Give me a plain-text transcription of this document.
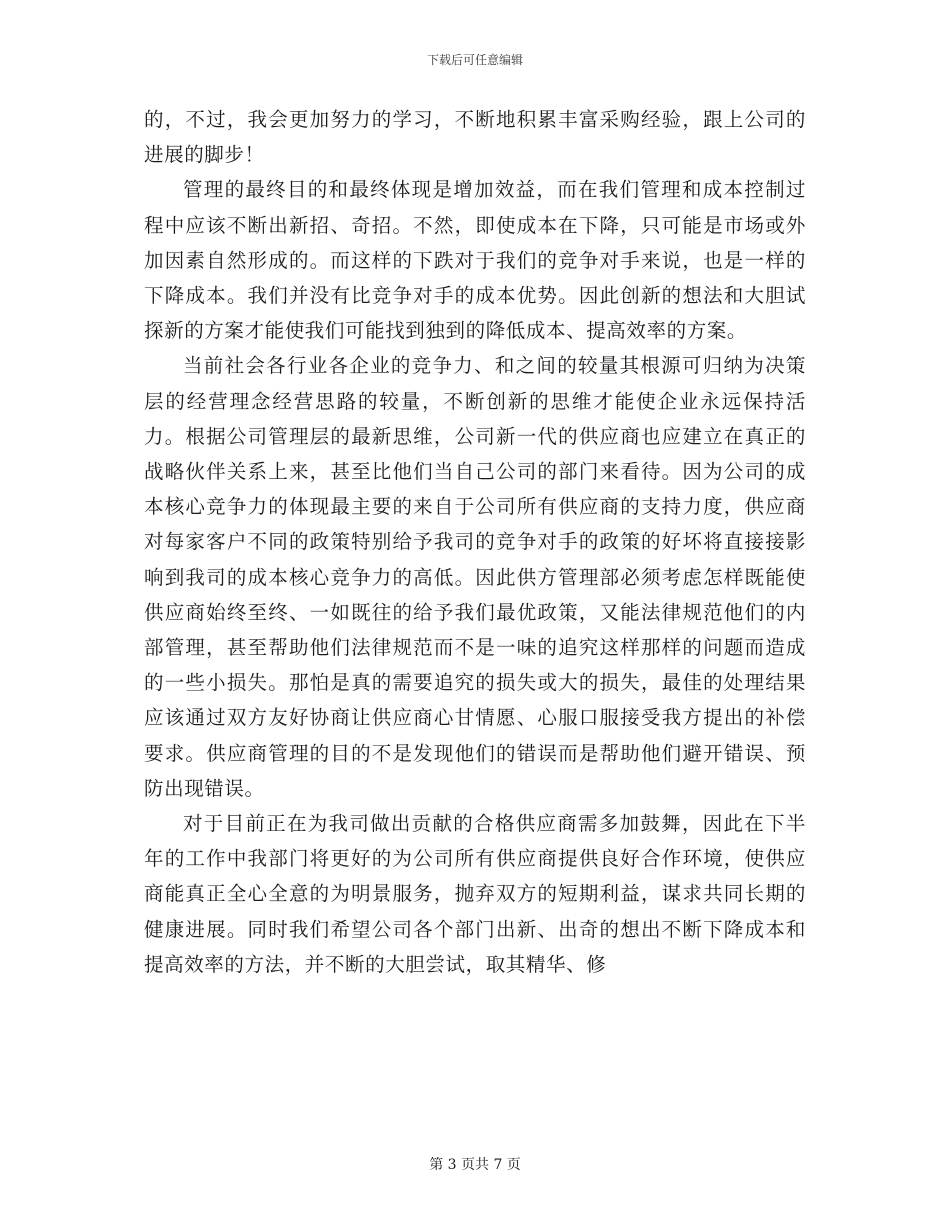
下载后可任意编辑

的，不过，我会更加努力的学习，不断地积累丰富采购经验，跟上公司的进展的脚步！

管理的最终目的和最终体现是增加效益，而在我们管理和成本控制过程中应该不断出新招、奇招。不然，即使成本在下降，只可能是市场或外加因素自然形成的。而这样的下跌对于我们的竞争对手来说，也是一样的下降成本。我们并没有比竞争对手的成本优势。因此创新的想法和大胆试探新的方案才能使我们可能找到独到的降低成本、提高效率的方案。

当前社会各行业各企业的竞争力、和之间的较量其根源可归纳为决策层的经营理念经营思路的较量，不断创新的思维才能使企业永远保持活力。根据公司管理层的最新思维，公司新一代的供应商也应建立在真正的战略伙伴关系上来，甚至比他们当自己公司的部门来看待。因为公司的成本核心竞争力的体现最主要的来自于公司所有供应商的支持力度，供应商对每家客户不同的政策特别给予我司的竞争对手的政策的好坏将直接接影响到我司的成本核心竞争力的高低。因此供方管理部必须考虑怎样既能使供应商始终至终、一如既往的给予我们最优政策，又能法律规范他们的内部管理，甚至帮助他们法律规范而不是一味的追究这样那样的问题而造成的一些小损失。那怕是真的需要追究的损失或大的损失，最佳的处理结果应该通过双方友好协商让供应商心甘情愿、心服口服接受我方提出的补偿要求。供应商管理的目的不是发现他们的错误而是帮助他们避开错误、预防出现错误。

对于目前正在为我司做出贡献的合格供应商需多加鼓舞，因此在下半年的工作中我部门将更好的为公司所有供应商提供良好合作环境，使供应商能真正全心全意的为明景服务，抛弃双方的短期利益，谋求共同长期的健康进展。同时我们希望公司各个部门出新、出奇的想出不断下降成本和提高效率的方法，并不断的大胆尝试，取其精华、修

第 3 页共 7 页
